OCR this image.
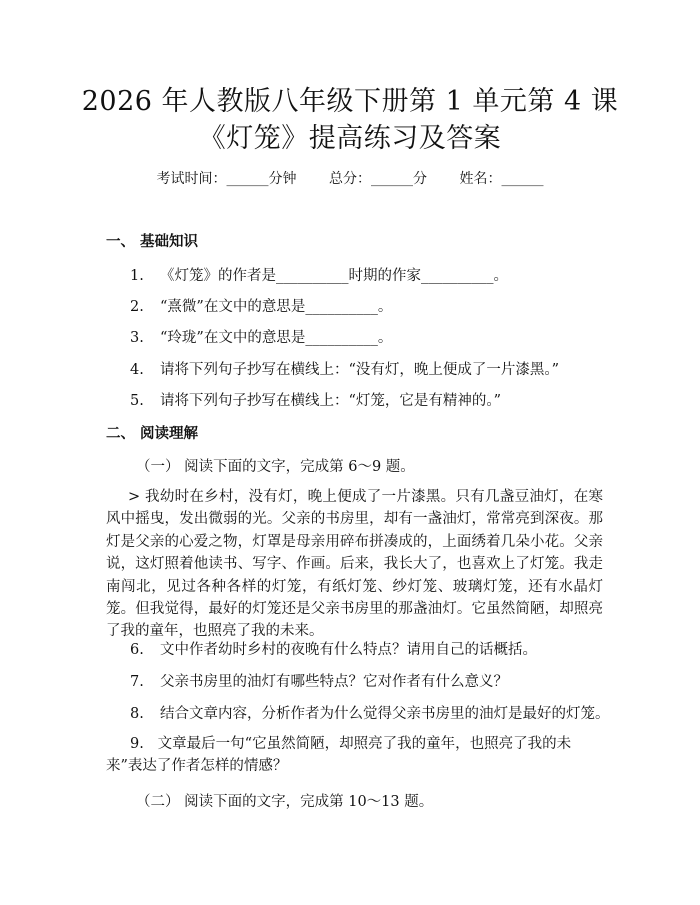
2026 年人教版八年级下册第 1 单元第 4 课
《灯笼》提高练习及答案
考试时间：______分钟 总分：______分 姓名：______
一、 基础知识
1. 《灯笼》的作者是__________时期的作家__________。
2. “熹微”在文中的意思是__________。
3. “玲珑”在文中的意思是__________。
4. 请将下列句子抄写在横线上：“没有灯，晚上便成了一片漆黑。”
5. 请将下列句子抄写在横线上：“灯笼，它是有精神的。”
二、 阅读理解
（一） 阅读下面的文字，完成第 6～9 题。
> 我幼时在乡村，没有灯，晚上便成了一片漆黑。只有几盏豆油灯，在寒风中摇曳，发出微弱的光。父亲的书房里，却有一盏油灯，常常亮到深夜。那灯是父亲的心爱之物，灯罩是母亲用碎布拼凑成的，上面绣着几朵小花。父亲说，这灯照着他读书、写字、作画。后来，我长大了，也喜欢上了灯笼。我走南闯北，见过各种各样的灯笼，有纸灯笼、纱灯笼、玻璃灯笼，还有水晶灯笼。但我觉得，最好的灯笼还是父亲书房里的那盏油灯。它虽然简陋，却照亮了我的童年，也照亮了我的未来。
6. 文中作者幼时乡村的夜晚有什么特点？请用自己的话概括。
7. 父亲书房里的油灯有哪些特点？它对作者有什么意义？
8. 结合文章内容，分析作者为什么觉得父亲书房里的油灯是最好的灯笼。
9. 文章最后一句“它虽然简陋，却照亮了我的童年，也照亮了我的未来”表达了作者怎样的情感？
（二） 阅读下面的文字，完成第 10～13 题。
